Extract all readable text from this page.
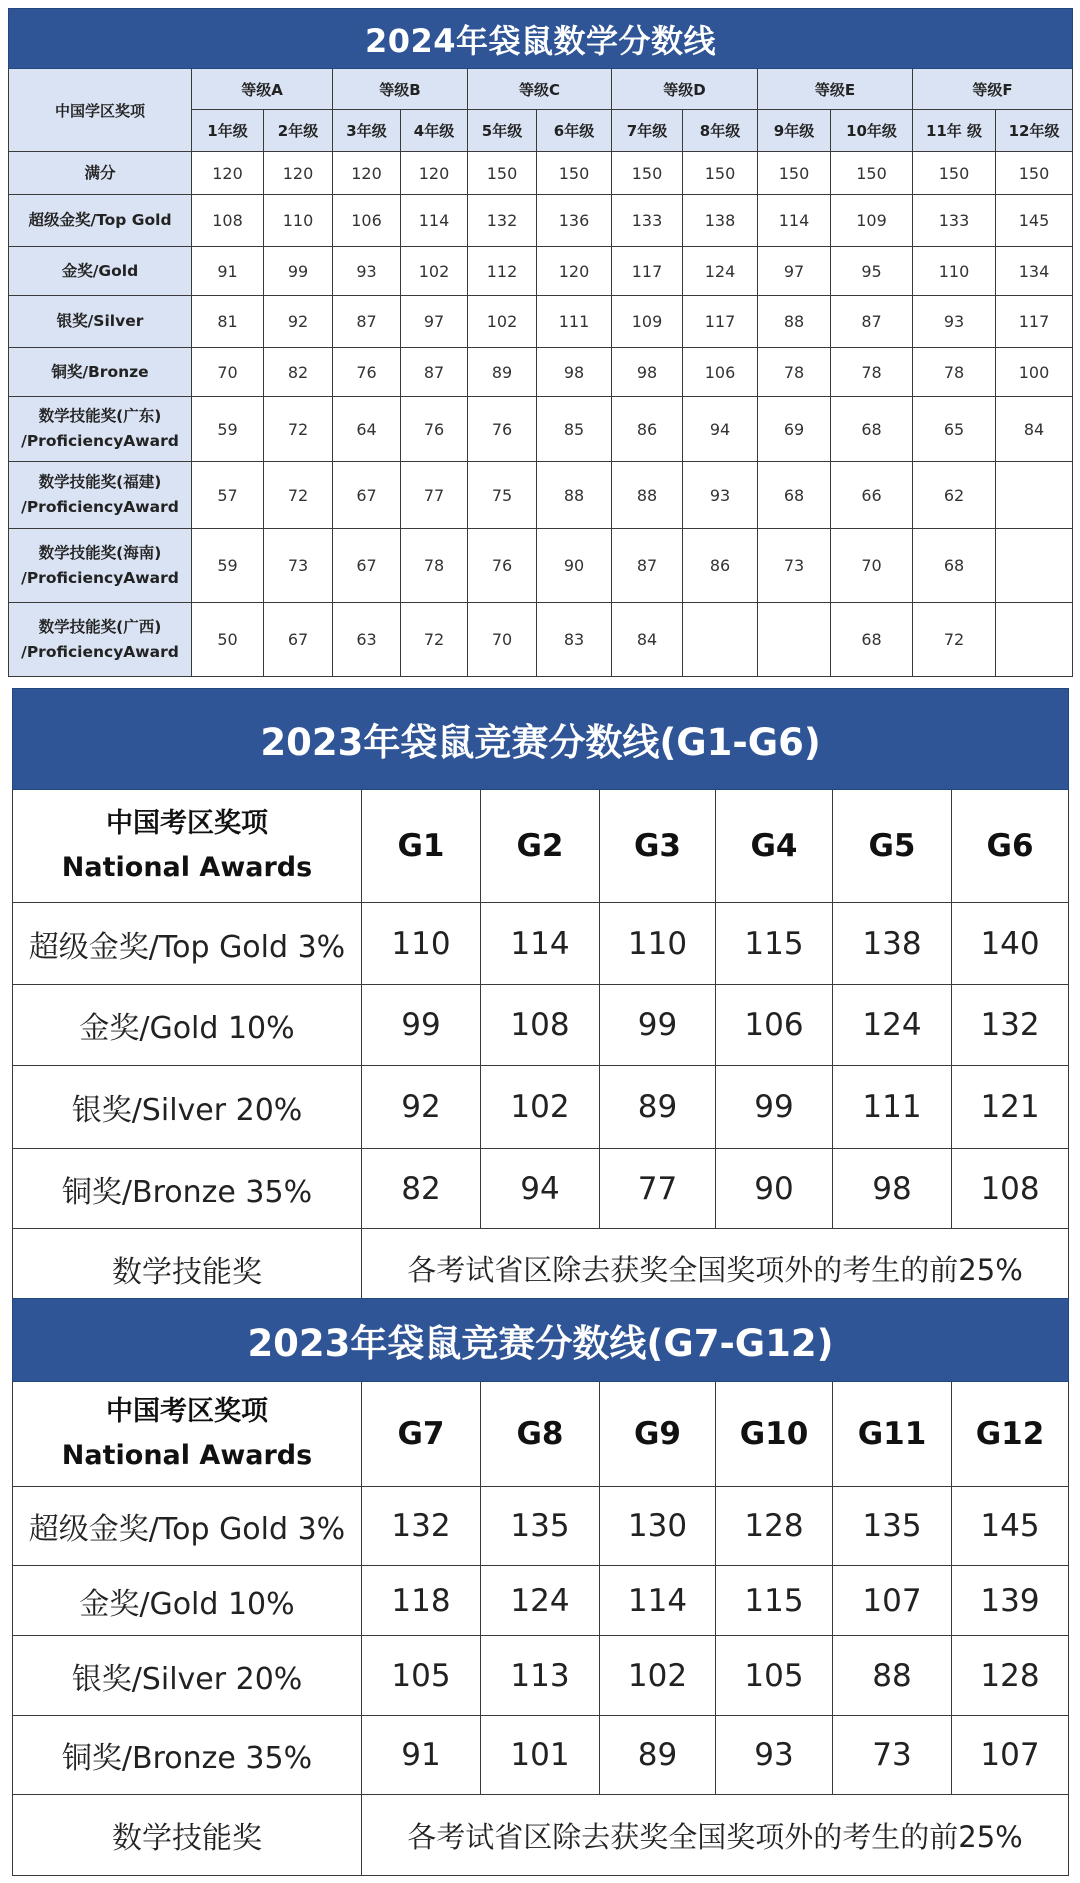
2024年袋鼠数学分数线												
中国学区奖项	等级A		等级B		等级C		等级D		等级E		等级F	
	1年级	2年级	3年级	4年级	5年级	6年级	7年级	8年级	9年级	10年级	11年 级	12年级

满分	120	120	120	120	150	150	150	150	150	150	150	150

超级金奖/Top Gold	108	110	106	114	132	136	133	138	114	109	133	145

金奖/Gold	91	99	93	102	112	120	117	124	97	95	110	134

银奖/Silver	81	92	87	97	102	111	109	117	88	87	93	117

铜奖/Bronze	70	82	76	87	89	98	98	106	78	78	78	100

数学技能奖(广东)
/ProficiencyAward	59	72	64	76	76	85	86	94	69	68	65	84

数学技能奖(福建)
/ProficiencyAward	57	72	67	77	75	88	88	93	68	66	62	

数学技能奖(海南)
/ProficiencyAward	59	73	67	78	76	90	87	86	73	70	68	

数学技能奖(广西)
/ProficiencyAward	50	67	63	72	70	83	84			68	72	
2023年袋鼠竞赛分数线(G1-G6)						

中国考区奖项
National Awards	G1	G2	G3	G4	G5	G6
超级金奖/Top Gold 3%	110	114	110	115	138	140
金奖/Gold 10%	99	108	99	106	124	132
银奖/Silver 20%	92	102	89	99	111	121
铜奖/Bronze 35%	82	94	77	90	98	108
数学技能奖	各考试省区除去获奖全国奖项外的考生的前25%					
2023年袋鼠竞赛分数线(G7-G12)						

中国考区奖项
National Awards	G7	G8	G9	G10	G11	G12
超级金奖/Top Gold 3%	132	135	130	128	135	145
金奖/Gold 10%	118	124	114	115	107	139
银奖/Silver 20%	105	113	102	105	88	128
铜奖/Bronze 35%	91	101	89	93	73	107
数学技能奖	各考试省区除去获奖全国奖项外的考生的前25%					
